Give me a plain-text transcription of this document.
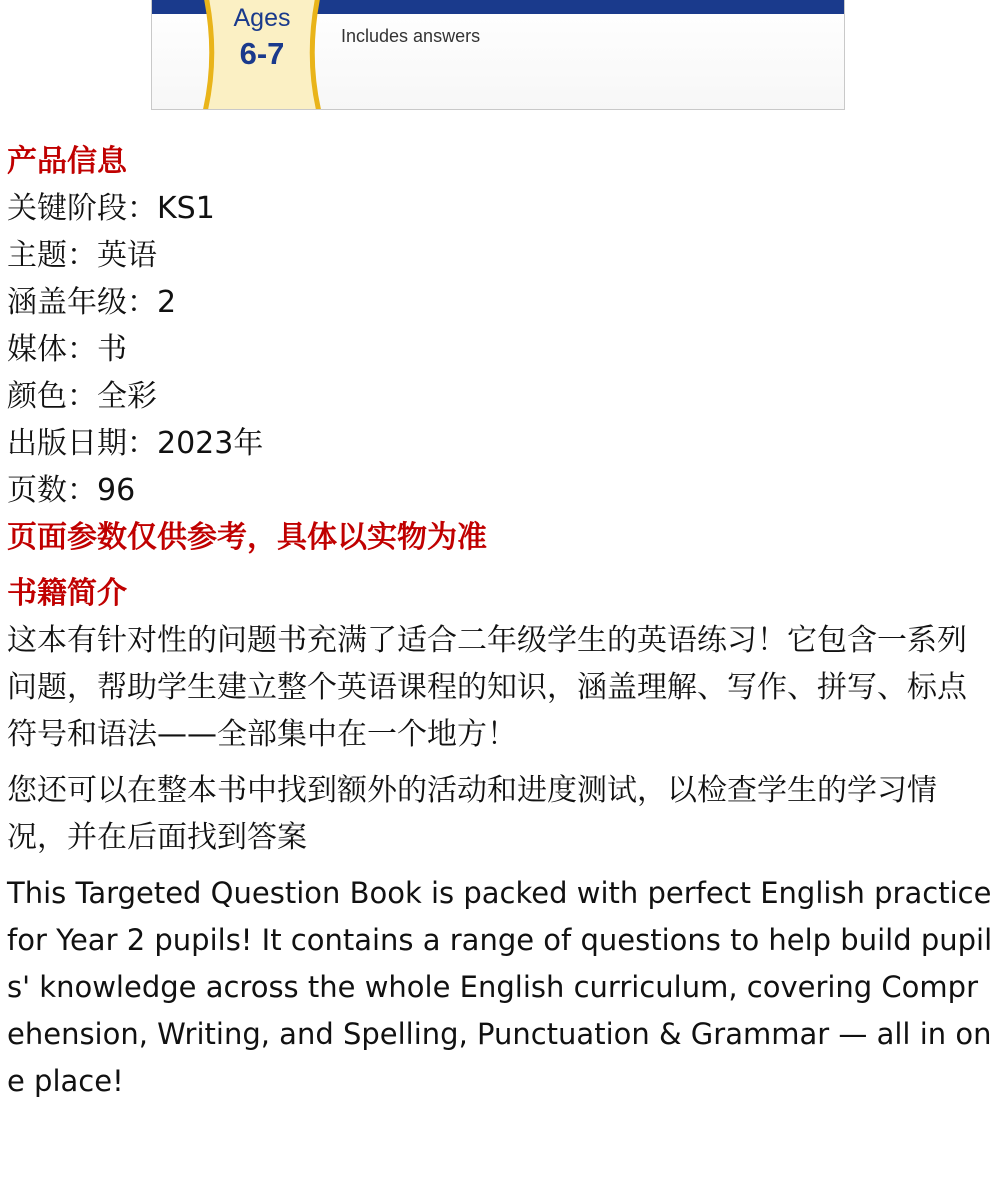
Ages
6-7	Includes answers

产品信息

关键阶段：KS1

主题：英语

涵盖年级：2

媒体：书

颜色：全彩

出版日期：2023年

页数：96

页面参数仅供参考，具体以实物为准

书籍简介

这本有针对性的问题书充满了适合二年级学生的英语练习！它包含一系列问题，帮助学生建立整个英语课程的知识，涵盖理解、写作、拼写、标点符号和语法——全部集中在一个地方！

您还可以在整本书中找到额外的活动和进度测试，以检查学生的学习情况，并在后面找到答案

This Targeted Question Book is packed with perfect English practice for Year 2 pupils! It contains a range of questions to help build pupils' knowledge across the whole English curriculum, covering Comprehension, Writing, and Spelling, Punctuation & Grammar — all in one place!
